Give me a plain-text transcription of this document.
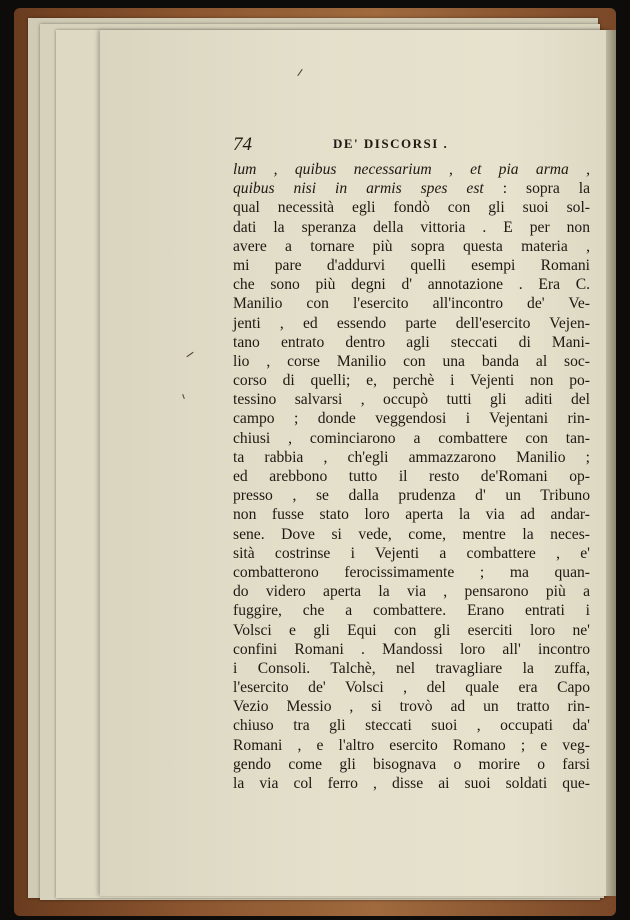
74	DE' DISCORSI .
lum , quibus necessarium , et pia arma ,
quibus nisi in armis spes est : sopra la
qual necessità egli fondò con gli suoi sol-
dati la speranza della vittoria . E per non
avere a tornare più sopra questa materia ,
mi pare d'addurvi quelli esempi Romani
che sono più degni d' annotazione . Era C.
Manilio con l'esercito all'incontro de' Ve-
jenti , ed essendo parte dell'esercito Vejen-
tano entrato dentro agli steccati di Mani-
lio , corse Manilio con una banda al soc-
corso di quelli; e, perchè i Vejenti non po-
tessino salvarsi , occupò tutti gli aditi del
campo ; donde veggendosi i Vejentani rin-
chiusi , cominciarono a combattere con tan-
ta rabbia , ch'egli ammazzarono Manilio ;
ed arebbono tutto il resto de'Romani op-
presso , se dalla prudenza d' un Tribuno
non fusse stato loro aperta la via ad andar-
sene. Dove si vede, come, mentre la neces-
sità costrinse i Vejenti a combattere , e'
combatterono ferocissimamente ; ma quan-
do videro aperta la via , pensarono più a
fuggire, che a combattere. Erano entrati i
Volsci e gli Equi con gli eserciti loro ne'
confini Romani . Mandossi loro all' incontro
i Consoli. Talchè, nel travagliare la zuffa,
l'esercito de' Volsci , del quale era Capo
Vezio Messio , si trovò ad un tratto rin-
chiuso tra gli steccati suoi , occupati da'
Romani , e l'altro esercito Romano ; e veg-
gendo come gli bisognava o morire o farsi
la via col ferro , disse ai suoi soldati que-
